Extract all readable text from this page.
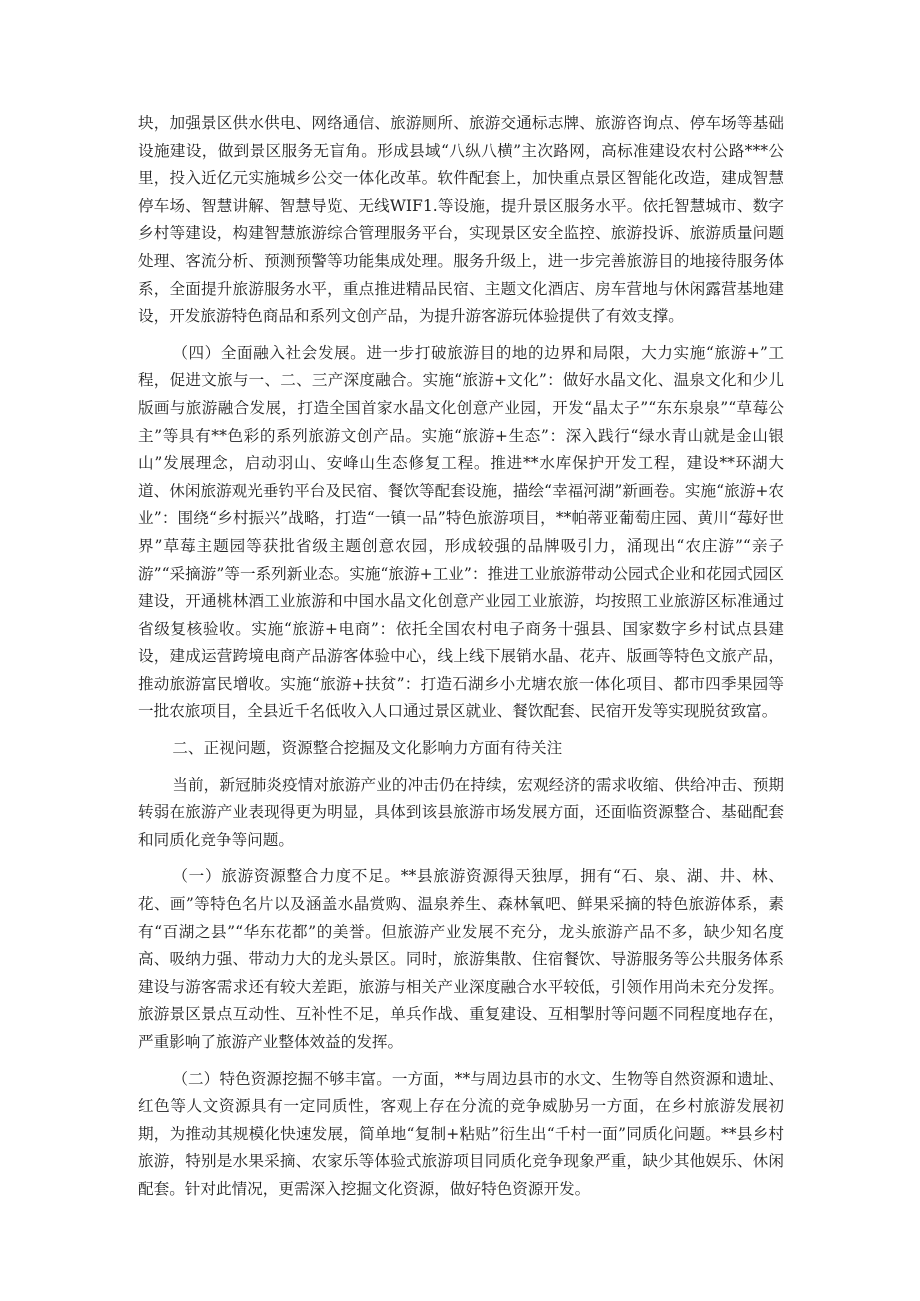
块，加强景区供水供电、网络通信、旅游厕所、旅游交通标志牌、旅游咨询点、停车场等基础设施建设，做到景区服务无盲角。形成县域“八纵八横”主次路网，高标准建设农村公路***公里，投入近亿元实施城乡公交一体化改革。软件配套上，加快重点景区智能化改造，建成智慧停车场、智慧讲解、智慧导览、无线WIF1.等设施，提升景区服务水平。依托智慧城市、数字乡村等建设，构建智慧旅游综合管理服务平台，实现景区安全监控、旅游投诉、旅游质量问题处理、客流分析、预测预警等功能集成处理。服务升级上，进一步完善旅游目的地接待服务体系，全面提升旅游服务水平，重点推进精品民宿、主题文化酒店、房车营地与休闲露营基地建设，开发旅游特色商品和系列文创产品，为提升游客游玩体验提供了有效支撑。

（四）全面融入社会发展。进一步打破旅游目的地的边界和局限，大力实施“旅游+”工程，促进文旅与一、二、三产深度融合。实施“旅游+文化”：做好水晶文化、温泉文化和少儿版画与旅游融合发展，打造全国首家水晶文化创意产业园，开发“晶太子”“东东泉泉”“草莓公主”等具有**色彩的系列旅游文创产品。实施“旅游+生态”：深入践行“绿水青山就是金山银山”发展理念，启动羽山、安峰山生态修复工程。推进**水库保护开发工程，建设**环湖大道、休闲旅游观光垂钓平台及民宿、餐饮等配套设施，描绘“幸福河湖”新画卷。实施“旅游+农业”：围绕“乡村振兴”战略，打造“一镇一品”特色旅游项目，**帕蒂亚葡萄庄园、黄川“莓好世界”草莓主题园等获批省级主题创意农园，形成较强的品牌吸引力，涌现出“农庄游”“亲子游”“采摘游”等一系列新业态。实施“旅游+工业”：推进工业旅游带动公园式企业和花园式园区建设，开通桃林酒工业旅游和中国水晶文化创意产业园工业旅游，均按照工业旅游区标准通过省级复核验收。实施“旅游+电商”：依托全国农村电子商务十强县、国家数字乡村试点县建设，建成运营跨境电商产品游客体验中心，线上线下展销水晶、花卉、版画等特色文旅产品，推动旅游富民增收。实施“旅游+扶贫”：打造石湖乡小尤塘农旅一体化项目、都市四季果园等一批农旅项目，全县近千名低收入人口通过景区就业、餐饮配套、民宿开发等实现脱贫致富。

二、正视问题，资源整合挖掘及文化影响力方面有待关注

当前，新冠肺炎疫情对旅游产业的冲击仍在持续，宏观经济的需求收缩、供给冲击、预期转弱在旅游产业表现得更为明显，具体到该县旅游市场发展方面，还面临资源整合、基础配套和同质化竞争等问题。

（一）旅游资源整合力度不足。**县旅游资源得天独厚，拥有“石、泉、湖、井、林、花、画”等特色名片以及涵盖水晶赏购、温泉养生、森林氧吧、鲜果采摘的特色旅游体系，素有“百湖之县”“华东花都”的美誉。但旅游产业发展不充分，龙头旅游产品不多，缺少知名度高、吸纳力强、带动力大的龙头景区。同时，旅游集散、住宿餐饮、导游服务等公共服务体系建设与游客需求还有较大差距，旅游与相关产业深度融合水平较低，引领作用尚未充分发挥。旅游景区景点互动性、互补性不足，单兵作战、重复建设、互相掣肘等问题不同程度地存在，严重影响了旅游产业整体效益的发挥。

（二）特色资源挖掘不够丰富。一方面，**与周边县市的水文、生物等自然资源和遗址、红色等人文资源具有一定同质性，客观上存在分流的竞争威胁另一方面，在乡村旅游发展初期，为推动其规模化快速发展，简单地“复制+粘贴”衍生出“千村一面”同质化问题。**县乡村旅游，特别是水果采摘、农家乐等体验式旅游项目同质化竞争现象严重，缺少其他娱乐、休闲配套。针对此情况，更需深入挖掘文化资源，做好特色资源开发。
